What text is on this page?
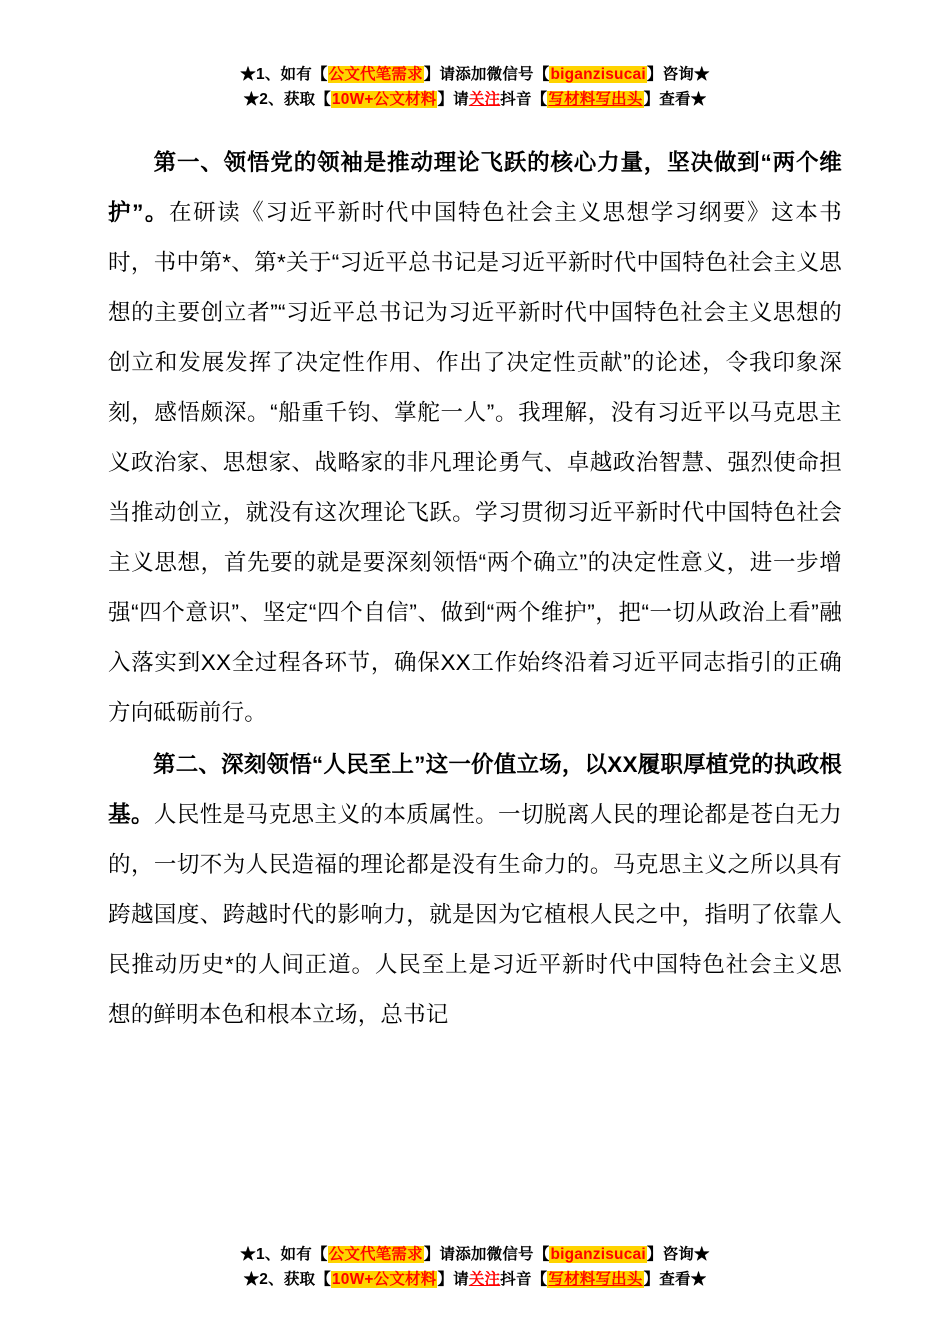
★1、如有【公文代笔需求】请添加微信号【biganzisucai】咨询★
★2、获取【10W+公文材料】请关注抖音【写材料写出头】查看★

第一、领悟党的领袖是推动理论飞跃的核心力量，坚决做到“两个维护”。在研读《习近平新时代中国特色社会主义思想学习纲要》这本书时，书中第*、第*关于“习近平总书记是习近平新时代中国特色社会主义思想的主要创立者”“习近平总书记为习近平新时代中国特色社会主义思想的创立和发展发挥了决定性作用、作出了决定性贡献”的论述，令我印象深刻，感悟颇深。“船重千钧、掌舵一人”。我理解，没有习近平以马克思主义政治家、思想家、战略家的非凡理论勇气、卓越政治智慧、强烈使命担当推动创立，就没有这次理论飞跃。学习贯彻习近平新时代中国特色社会主义思想，首先要的就是要深刻领悟“两个确立”的决定性意义，进一步增强“四个意识”、坚定“四个自信”、做到“两个维护”，把“一切从政治上看”融入落实到XX全过程各环节，确保XX工作始终沿着习近平同志指引的正确方向砥砺前行。

第二、深刻领悟“人民至上”这一价值立场，以XX履职厚植党的执政根基。人民性是马克思主义的本质属性。一切脱离人民的理论都是苍白无力的，一切不为人民造福的理论都是没有生命力的。马克思主义之所以具有跨越国度、跨越时代的影响力，就是因为它植根人民之中，指明了依靠人民推动历史*的人间正道。人民至上是习近平新时代中国特色社会主义思想的鲜明本色和根本立场，总书记

★1、如有【公文代笔需求】请添加微信号【biganzisucai】咨询★
★2、获取【10W+公文材料】请关注抖音【写材料写出头】查看★
